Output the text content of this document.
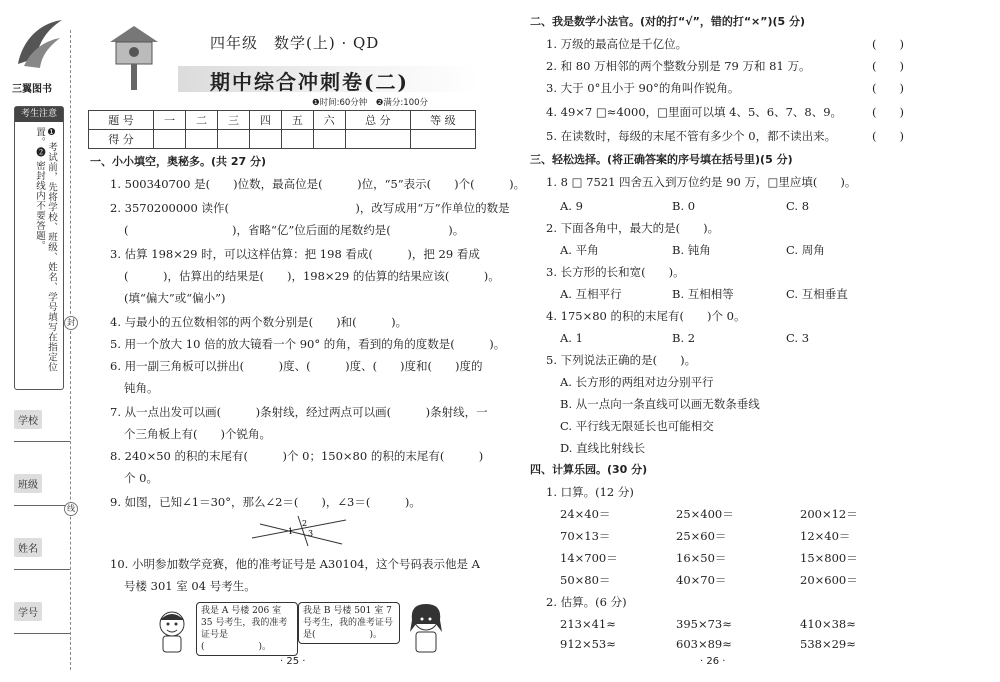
三翼图书
考生注意
❶ 考试前，先将学校、班级、姓名、学号填写在指定位置。❷ 密封线内不要答题。
学校
班级
姓名
学号
封
线
四年级　数学(上) · QD
期中综合冲刺卷(二)
❶时间:60分钟　❷满分:100分
题 号	一	二	三	四	五	六	总 分	等 级
得 分								
一、小小填空，奥秘多。(共 27 分)
1. 500340700 是(　　)位数，最高位是(　　　)位，“5”表示(　　)个(　　　)。
2. 3570200000 读作(　　　　　　　　　　　)，改写成用“万”作单位的数是
(　　　　　　　　　)，省略“亿”位后面的尾数约是(　　　　　)。
3. 估算 198×29 时，可以这样估算：把 198 看成(　　　)，把 29 看成
(　　　)，估算出的结果是(　　)，198×29 的估算的结果应该(　　　)。
(填“偏大”或“偏小”)
4. 与最小的五位数相邻的两个数分别是(　　)和(　　　)。
5. 用一个放大 10 倍的放大镜看一个 90° 的角，看到的角的度数是(　　　)。
6. 用一副三角板可以拼出(　　　)度、(　　　)度、(　　)度和(　　)度的
钝角。
7. 从一点出发可以画(　　　)条射线，经过两点可以画(　　　)条射线，一
个三角板上有(　　)个锐角。
8. 240×50 的积的末尾有(　　　)个 0；150×80 的积的末尾有(　　　)
个 0。
9. 如图，已知∠1＝30°，那么∠2＝(　　)，∠3＝(　　　)。
1
2
3
10. 小明参加数学竞赛，他的准考证号是 A30104，这个号码表示他是 A
号楼 301 室 04 号考生。
我是 A 号楼 206 室 35 号考生，我的准考证号是(　　　　　　)。
我是 B 号楼 501 室 7 号考生，我的准考证号是(　　　　　　)。
· 25 ·
二、我是数学小法官。(对的打“√”，错的打“×”)(5 分)
1. 万级的最高位是千亿位。	(　　)
2. 和 80 万相邻的两个整数分别是 79 万和 81 万。	(　　)
3. 大于 0°且小于 90°的角叫作锐角。	(　　)
4. 49×7 □≈4000，□里面可以填 4、5、6、7、8、9。	(　　)
5. 在读数时，每级的末尾不管有多少个 0，都不读出来。	(　　)
三、轻松选择。(将正确答案的序号填在括号里)(5 分)
1. 8 □ 7521 四舍五入到万位约是 90 万，□里应填(　　)。
A. 9	B. 0	C. 8
2. 下面各角中，最大的是(　　)。
A. 平角	B. 钝角	C. 周角
3. 长方形的长和宽(　　)。
A. 互相平行	B. 互相相等	C. 互相垂直
4. 175×80 的积的末尾有(　　)个 0。
A. 1	B. 2	C. 3
5. 下列说法正确的是(　　)。
A. 长方形的两组对边分别平行
B. 从一点向一条直线可以画无数条垂线
C. 平行线无限延长也可能相交
D. 直线比射线长
四、计算乐园。(30 分)
1. 口算。(12 分)
24×40＝	25×400＝	200×12＝
70×13＝	25×60＝	12×40＝
14×700＝	16×50＝	15×800＝
50×80＝	40×70＝	20×600＝
2. 估算。(6 分)
213×41≈	395×73≈	410×38≈
912×53≈	603×89≈	538×29≈
· 26 ·
